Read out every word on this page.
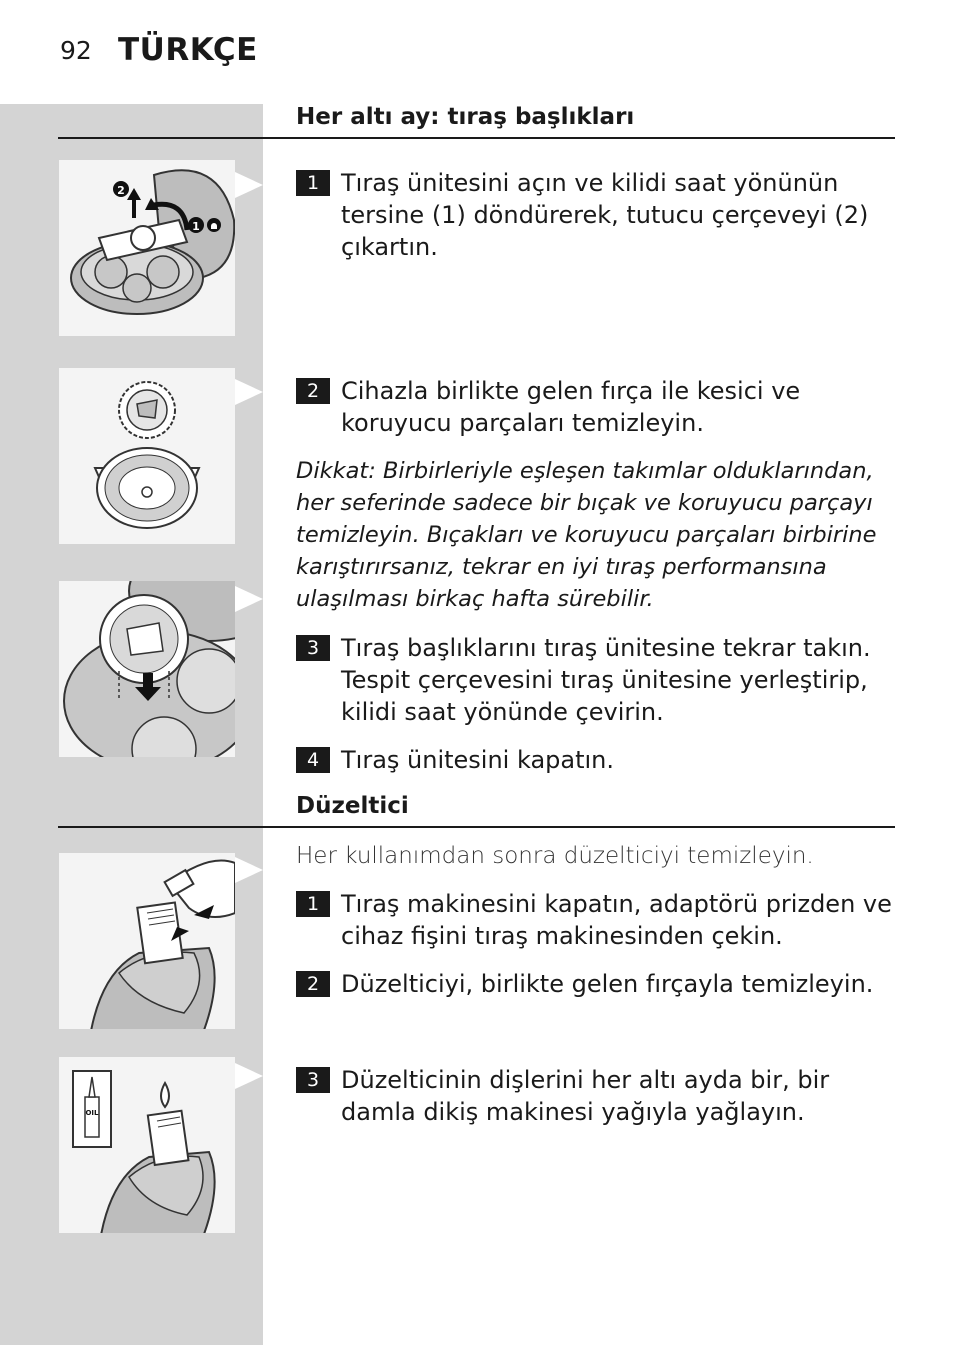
92 TÜRKÇE
Her altı ay: tıraş başlıkları
2
1
1 Tıraş ünitesini açın ve kilidi saat yönünün tersine (1) döndürerek, tutucu çerçeveyi (2) çıkartın.
2 Cihazla birlikte gelen fırça ile kesici ve koruyucu parçaları temizleyin.
Dikkat: Birbirleriyle eşleşen takımlar olduklarından, her seferinde sadece bir bıçak ve koruyucu parçayı temizleyin. Bıçakları ve koruyucu parçaları birbirine karıştırırsanız, tekrar en iyi tıraş performansına ulaşılması birkaç hafta sürebilir.
3 Tıraş başlıklarını tıraş ünitesine tekrar takın. Tespit çerçevesini tıraş ünitesine yerleştirip, kilidi saat yönünde çevirin.
4 Tıraş ünitesini kapatın.
Düzeltici
Her kullanımdan sonra düzelticiyi temizleyin.
OIL
1 Tıraş makinesini kapatın, adaptörü prizden ve cihaz fişini tıraş makinesinden çekin.
2 Düzelticiyi, birlikte gelen fırçayla temizleyin.
3 Düzelticinin dişlerini her altı ayda bir, bir damla dikiş makinesi yağıyla yağlayın.
